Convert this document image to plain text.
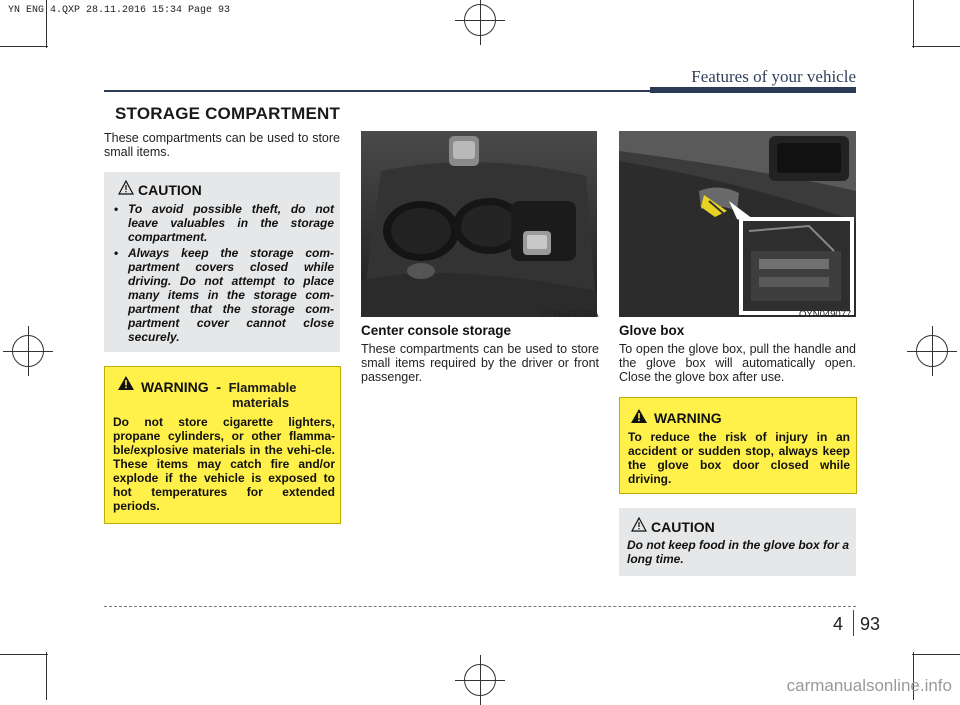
YN ENG 4.QXP 28.11.2016 15:34 Page 93
Features of your vehicle
STORAGE COMPARTMENT
These compartments can be used to store small items.
CAUTION
• To avoid possible theft, do not leave valuables in the storage compartment.
• Always keep the storage com-partment covers closed while driving. Do not attempt to place many items in the storage com-partment that the storage com-partment cover cannot close securely.
WARNING - Flammable
materials
Do not store cigarette lighters, propane cylinders, or other flamma-ble/explosive materials in the vehi-cle. These items may catch fire and/or explode if the vehicle is exposed to hot temperatures for extended periods.
OYN049076A
Center console storage
These compartments can be used to store small items required by the driver or front passenger.
OYN049077
Glove box
To open the glove box, pull the handle and the glove box will automatically open. Close the glove box after use.
WARNING
To reduce the risk of injury in an accident or sudden stop, always keep the glove box door closed while driving.
CAUTION
Do not keep food in the glove box for a long time.
4 93
carmanualsonline.info
